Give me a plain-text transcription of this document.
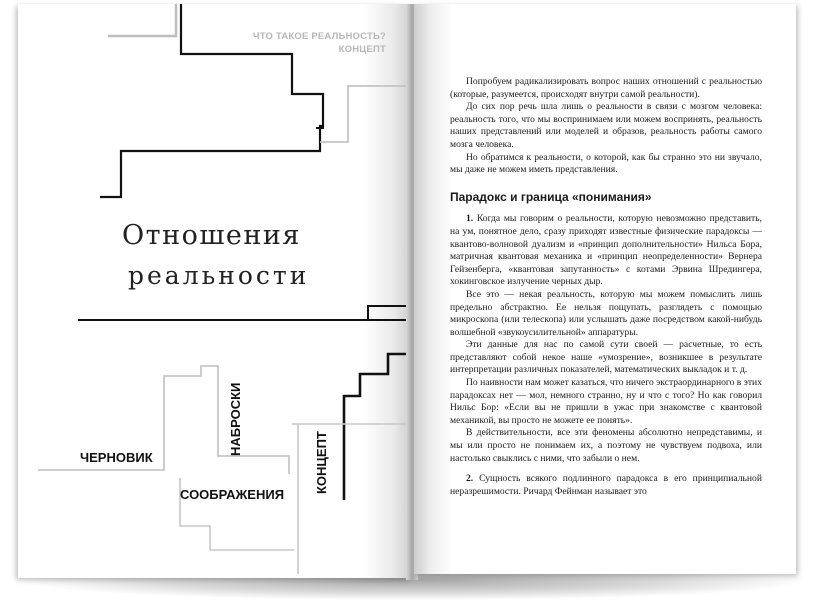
ЧТО ТАКОЕ РЕАЛЬНОСТЬ?
КОНЦЕПТ
Отношения
реальности
ЧЕРНОВИК
НАБРОСКИ
СООБРАЖЕНИЯ
КОНЦЕПТ

Попробуем радикализировать вопрос наших отношений с реальностью (которые, разумеется, происходят внутри самой реальности).

До сих пор речь шла лишь о реальности в связи с мозгом человека: реальность того, что мы воспринимаем или можем воспринять, реальность наших представлений или моделей и образов, реальность работы самого мозга человека.

Но обратимся к реальности, о которой, как бы странно это ни звучало, мы даже не можем иметь представления.

Парадокс и граница «понимания»

1. Когда мы говорим о реальности, которую невозможно представить, на ум, понятное дело, сразу приходят известные физические парадоксы — квантово-волновой дуализм и «принцип дополнительности» Нильса Бора, матричная квантовая механика и «принцип неопределенности» Вернера Гейзенберга, «квантовая запутанность» с котами Эрвина Шредингера, хокинговское излучение черных дыр.

Все это — некая реальность, которую мы можем помыслить лишь предельно абстрактно. Ее нельзя пощупать, разглядеть с помощью микроскопа (или телескопа) или услышать даже посредством какой-нибудь волшебной «звукоусилительной» аппаратуры.

Эти данные для нас по самой сути своей — расчетные, то есть представляют собой некое наше «умозрение», возникшее в результате интерпретации различных показателей, математических выкладок и т. д.

По наивности нам может казаться, что ничего экстраординарного в этих парадоксах нет — мол, немного странно, ну и что с того? Но как говорил Нильс Бор: «Если вы не пришли в ужас при знакомстве с квантовой механикой, вы просто не можете ее понять».

В действительности, все эти феномены абсолютно непредставимы, и мы или просто не понимаем их, а поэтому не чувствуем подвоха, или настолько свыклись с ними, что забыли о нем.

2. Сущность всякого подлинного парадокса в его принципиальной неразрешимости. Ричард Фейнман называет это
